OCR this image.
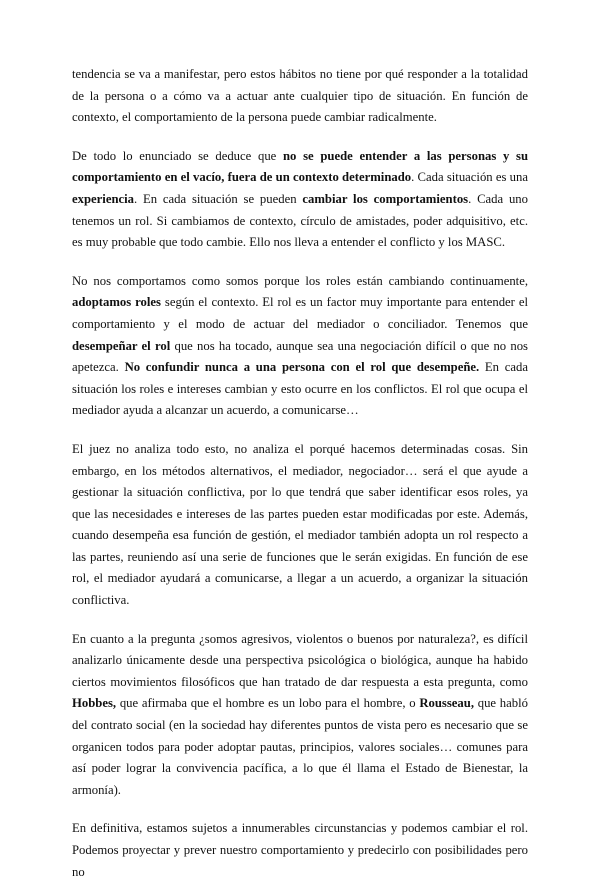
tendencia se va a manifestar, pero estos hábitos no tiene por qué responder a la totalidad de la persona o a cómo va a actuar ante cualquier tipo de situación. En función de contexto, el comportamiento de la persona puede cambiar radicalmente.

De todo lo enunciado se deduce que no se puede entender a las personas y su comportamiento en el vacío, fuera de un contexto determinado. Cada situación es una experiencia. En cada situación se pueden cambiar los comportamientos. Cada uno tenemos un rol. Si cambiamos de contexto, círculo de amistades, poder adquisitivo, etc. es muy probable que todo cambie. Ello nos lleva a entender el conflicto y los MASC.

No nos comportamos como somos porque los roles están cambiando continuamente, adoptamos roles según el contexto. El rol es un factor muy importante para entender el comportamiento y el modo de actuar del mediador o conciliador. Tenemos que desempeñar el rol que nos ha tocado, aunque sea una negociación difícil o que no nos apetezca. No confundir nunca a una persona con el rol que desempeñe. En cada situación los roles e intereses cambian y esto ocurre en los conflictos. El rol que ocupa el mediador ayuda a alcanzar un acuerdo, a comunicarse…

El juez no analiza todo esto, no analiza el porqué hacemos determinadas cosas. Sin embargo, en los métodos alternativos, el mediador, negociador… será el que ayude a gestionar la situación conflictiva, por lo que tendrá que saber identificar esos roles, ya que las necesidades e intereses de las partes pueden estar modificadas por este. Además, cuando desempeña esa función de gestión, el mediador también adopta un rol respecto a las partes, reuniendo así una serie de funciones que le serán exigidas. En función de ese rol, el mediador ayudará a comunicarse, a llegar a un acuerdo, a organizar la situación conflictiva.

En cuanto a la pregunta ¿somos agresivos, violentos o buenos por naturaleza?, es difícil analizarlo únicamente desde una perspectiva psicológica o biológica, aunque ha habido ciertos movimientos filosóficos que han tratado de dar respuesta a esta pregunta, como Hobbes, que afirmaba que el hombre es un lobo para el hombre, o Rousseau, que habló del contrato social (en la sociedad hay diferentes puntos de vista pero es necesario que se organicen todos para poder adoptar pautas, principios, valores sociales… comunes para así poder lograr la convivencia pacífica, a lo que él llama el Estado de Bienestar, la armonía).

En definitiva, estamos sujetos a innumerables circunstancias y podemos cambiar el rol. Podemos proyectar y prever nuestro comportamiento y predecirlo con posibilidades pero no
